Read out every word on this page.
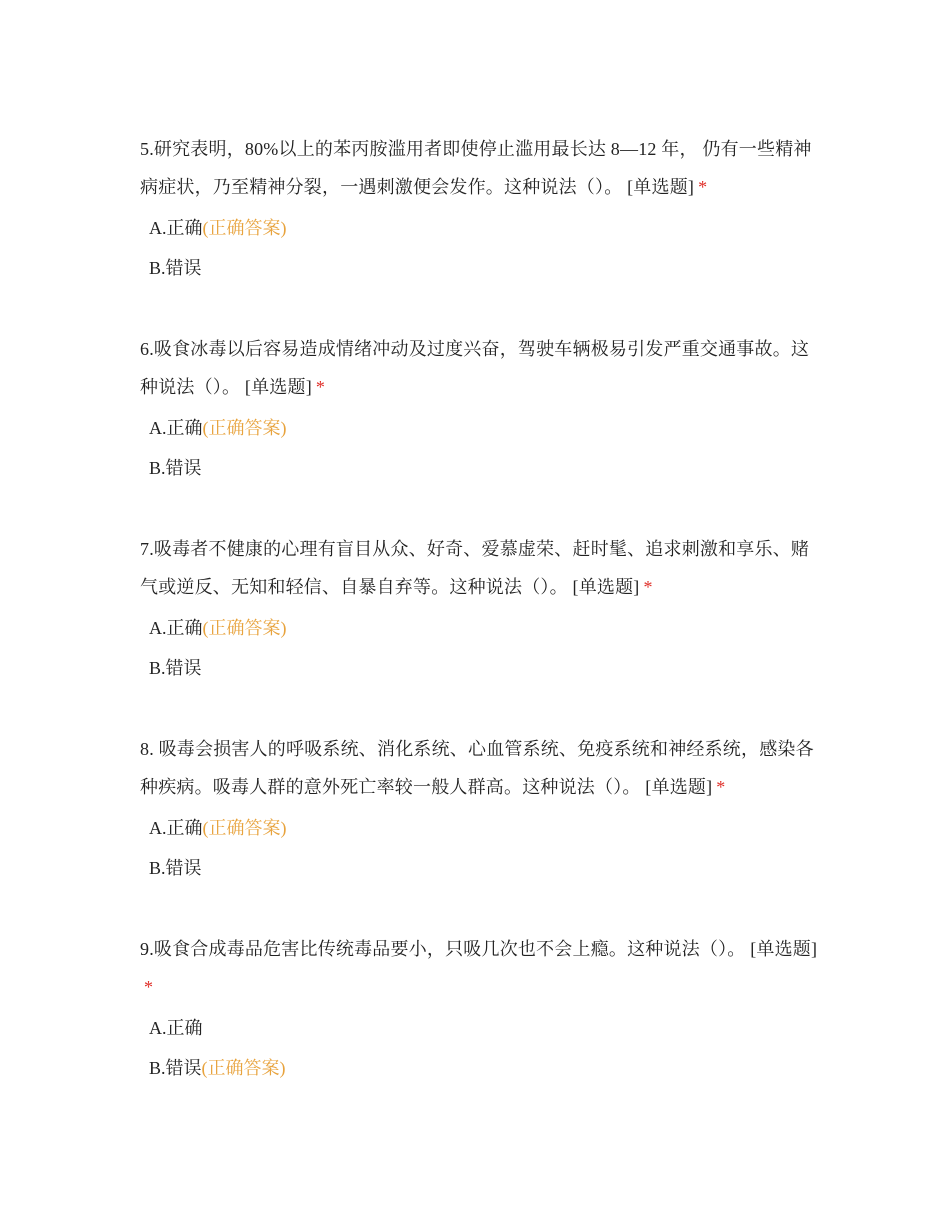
5.研究表明，80%以上的苯丙胺滥用者即使停止滥用最长达 8—12 年， 仍有一些精神病症状，乃至精神分裂，一遇刺激便会发作。这种说法（）。 [单选题] *

A.正确(正确答案)
B.错误

6.吸食冰毒以后容易造成情绪冲动及过度兴奋，驾驶车辆极易引发严重交通事故。这种说法（）。 [单选题] *

A.正确(正确答案)
B.错误

7.吸毒者不健康的心理有盲目从众、好奇、爱慕虚荣、赶时髦、追求刺激和享乐、赌气或逆反、无知和轻信、自暴自弃等。这种说法（）。 [单选题] *

A.正确(正确答案)
B.错误

8. 吸毒会损害人的呼吸系统、消化系统、心血管系统、免疫系统和神经系统，感染各种疾病。吸毒人群的意外死亡率较一般人群高。这种说法（）。 [单选题] *

A.正确(正确答案)
B.错误

9.吸食合成毒品危害比传统毒品要小，只吸几次也不会上瘾。这种说法（）。 [单选题]*

A.正确
B.错误(正确答案)
